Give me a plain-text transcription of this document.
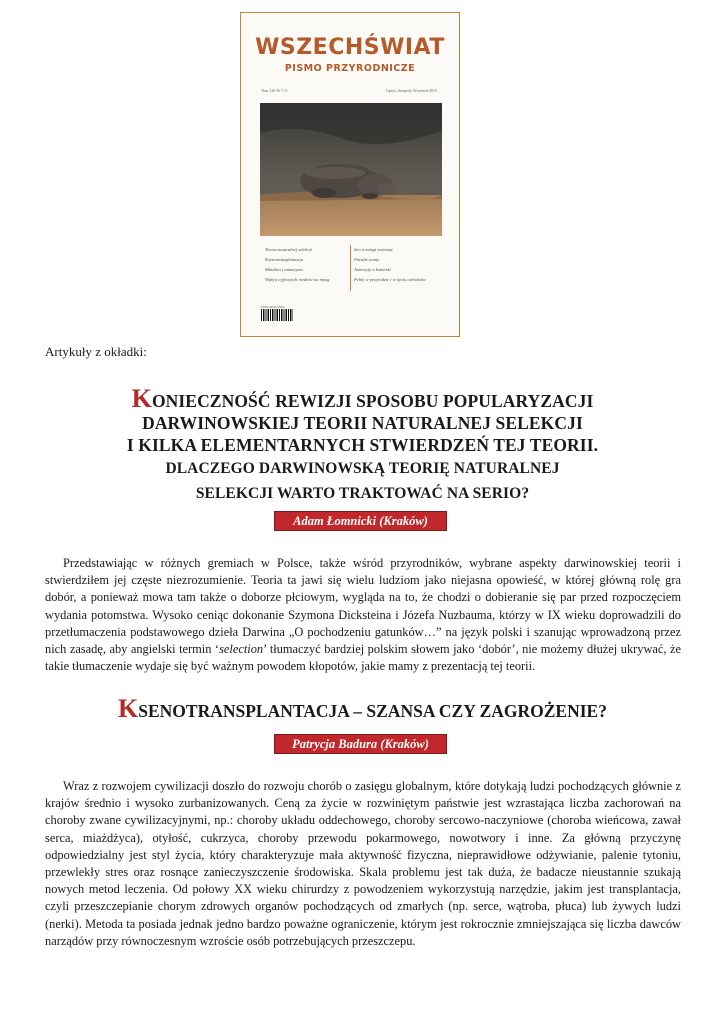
WSZECHŚWIAT
PISMO PRZYRODNICZE
Tom 116 Nr 7–9	Lipiec–Sierpień–Wrzesień 2015
Teoria naturalnej selekcji
Ksenotransplantacja
Mimikra i mimetyzm
Wpływ cyfrowych mediów na mózg
Sen a mózgi zwierząt
Paraliż senny
Astrocyty a komórki
Pchły w przyrodzie i w życiu człowieka
ISSN 0043-9592
Artykuły z okładki:
KONIECZNOŚĆ REWIZJI SPOSOBU POPULARYZACJI
DARWINOWSKIEJ TEORII NATURALNEJ SELEKCJI
I KILKA ELEMENTARNYCH STWIERDZEŃ TEJ TEORII.
DLACZEGO DARWINOWSKĄ TEORIĘ NATURALNEJ
SELEKCJI WARTO TRAKTOWAĆ NA SERIO?
Adam Łomnicki (Kraków)

Przedstawiając w różnych gremiach w Polsce, także wśród przyrodników, wybrane aspekty darwinowskiej teorii i stwierdziłem jej częste niezrozumienie. Teoria ta jawi się wielu ludziom jako niejasna opowieść, w której główną rolę gra dobór, a ponieważ mowa tam także o doborze płciowym, wygląda na to, że chodzi o dobieranie się par przed rozpoczęciem wydania potomstwa. Wysoko ceniąc dokonanie Szymona Dicksteina i Józefa Nuzbauma, którzy w IX wieku doprowadzili do przetłumaczenia podstawowego dzieła Darwina „O pochodzeniu gatunków…” na język polski i szanując wprowadzoną przez nich zasadę, aby angielski termin ‘selection’ tłumaczyć bardziej polskim słowem jako ‘dobór’, nie możemy dłużej ukrywać, że takie tłumaczenie wydaje się być ważnym powodem kłopotów, jakie mamy z prezentacją tej teorii.

KSENOTRANSPLANTACJA – SZANSA CZY ZAGROŻENIE?
Patrycja Badura (Kraków)

Wraz z rozwojem cywilizacji doszło do rozwoju chorób o zasięgu globalnym, które dotykają ludzi pochodzących głównie z krajów średnio i wysoko zurbanizowanych. Ceną za życie w rozwiniętym państwie jest wzrastająca liczba zachorowań na choroby zwane cywilizacyjnymi, np.: choroby układu oddechowego, choroby sercowo-naczyniowe (choroba wieńcowa, zawał serca, miażdżyca), otyłość, cukrzyca, choroby przewodu pokarmowego, nowotwory i inne. Za główną przyczynę odpowiedzialny jest styl życia, który charakteryzuje mała aktywność fizyczna, nieprawidłowe odżywianie, palenie tytoniu, przewlekły stres oraz rosnące zanieczyszczenie środowiska. Skala problemu jest tak duża, że badacze nieustannie szukają nowych metod leczenia. Od połowy XX wieku chirurdzy z powodzeniem wykorzystują narzędzie, jakim jest transplantacja, czyli przeszczepianie chorym zdrowych organów pochodzących od zmarłych (np. serce, wątroba, płuca) lub żywych ludzi (nerki). Metoda ta posiada jednak jedno bardzo poważne ograniczenie, którym jest rokrocznie zmniejszająca się liczba dawców narządów przy równoczesnym wzroście osób potrzebujących przeszczepu.
